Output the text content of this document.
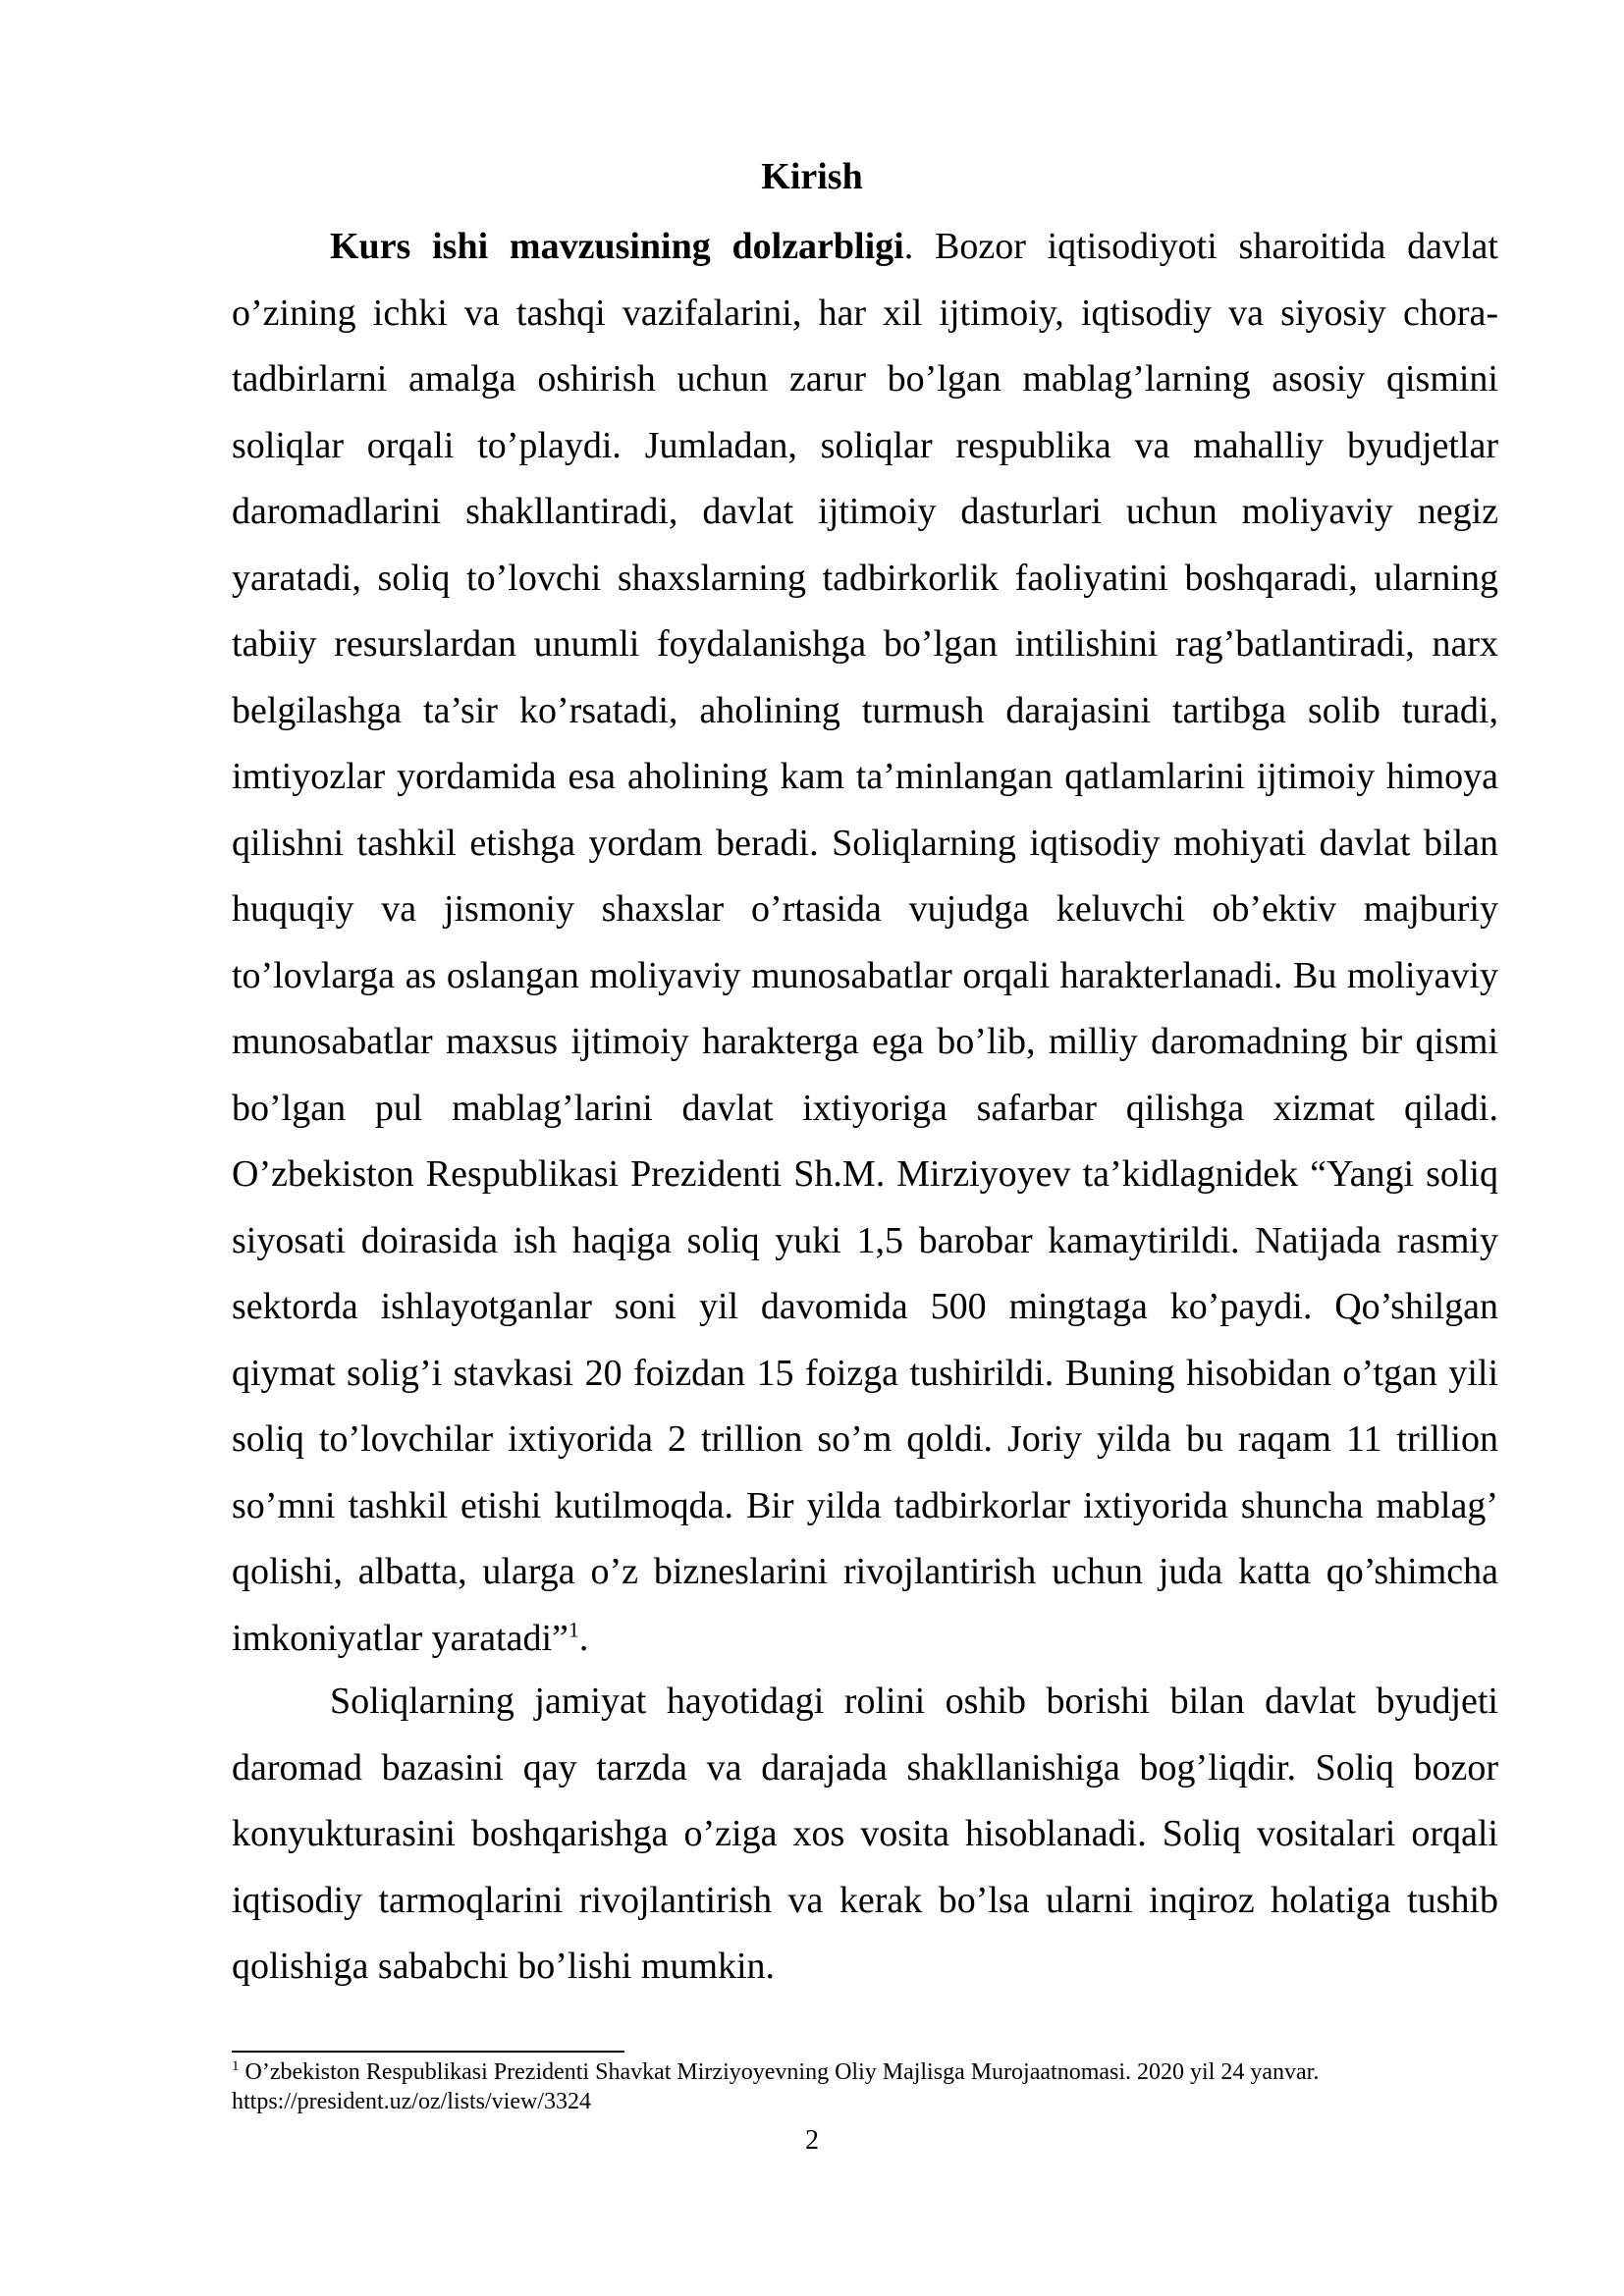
Kirish

Kurs ishi mavzusining dolzarbligi. Bozor iqtisodiyoti sharoitida davlat o’zining ichki va tashqi vazifalarini, har xil ijtimoiy, iqtisodiy va siyosiy chora-tadbirlarni amalga oshirish uchun zarur bo’lgan mablag’larning asosiy qismini soliqlar orqali to’playdi. Jumladan, soliqlar respublika va mahalliy byudjetlar daromadlarini shakllantiradi, davlat ijtimoiy dasturlari uchun moliyaviy negiz yaratadi, soliq to’lovchi shaxslarning tadbirkorlik faoliyatini boshqaradi, ularning tabiiy resurslardan unumli foydalanishga bo’lgan intilishini rag’batlantiradi, narx belgilashga ta’sir ko’rsatadi, aholining turmush darajasini tartibga solib turadi, imtiyozlar yordamida esa aholining kam ta’minlangan qatlamlarini ijtimoiy himoya qilishni tashkil etishga yordam beradi. Soliqlarning iqtisodiy mohiyati davlat bilan huquqiy va jismoniy shaxslar o’rtasida vujudga keluvchi ob’ektiv majburiy to’lovlarga as oslangan moliyaviy munosabatlar orqali harakterlanadi. Bu moliyaviy munosabatlar maxsus ijtimoiy harakterga ega bo’lib, milliy daromadning bir qismi bo’lgan pul mablag’larini davlat ixtiyoriga safarbar qilishga xizmat qiladi. O’zbekiston Respublikasi Prezidenti Sh.M. Mirziyoyev ta’kidlagnidek “Yangi soliq siyosati doirasida ish haqiga soliq yuki 1,5 barobar kamaytirildi. Natijada rasmiy sektorda ishlayotganlar soni yil davomida 500 mingtaga ko’paydi. Qo’shilgan qiymat solig’i stavkasi 20 foizdan 15 foizga tushirildi. Buning hisobidan o’tgan yili soliq to’lovchilar ixtiyorida 2 trillion so’m qoldi. Joriy yilda bu raqam 11 trillion so’mni tashkil etishi kutilmoqda. Bir yilda tadbirkorlar ixtiyorida shuncha mablag’ qolishi, albatta, ularga o’z bizneslarini rivojlantirish uchun juda katta qo’shimcha imkoniyatlar yaratadi”$^1$.

Soliqlarning jamiyat hayotidagi rolini oshib borishi bilan davlat byudjeti daromad bazasini qay tarzda va darajada shakllanishiga bog’liqdir. Soliq bozor konyukturasini boshqarishga o’ziga xos vosita hisoblanadi. Soliq vositalari orqali iqtisodiy tarmoqlarini rivojlantirish va kerak bo’lsa ularni inqiroz holatiga tushib qolishiga sababchi bo’lishi mumkin.

$^1$ O’zbekiston Respublikasi Prezidenti Shavkat Mirziyoyevning Oliy Majlisga Murojaatnomasi. 2020 yil 24 yanvar.
https://president.uz/oz/lists/view/3324
2
